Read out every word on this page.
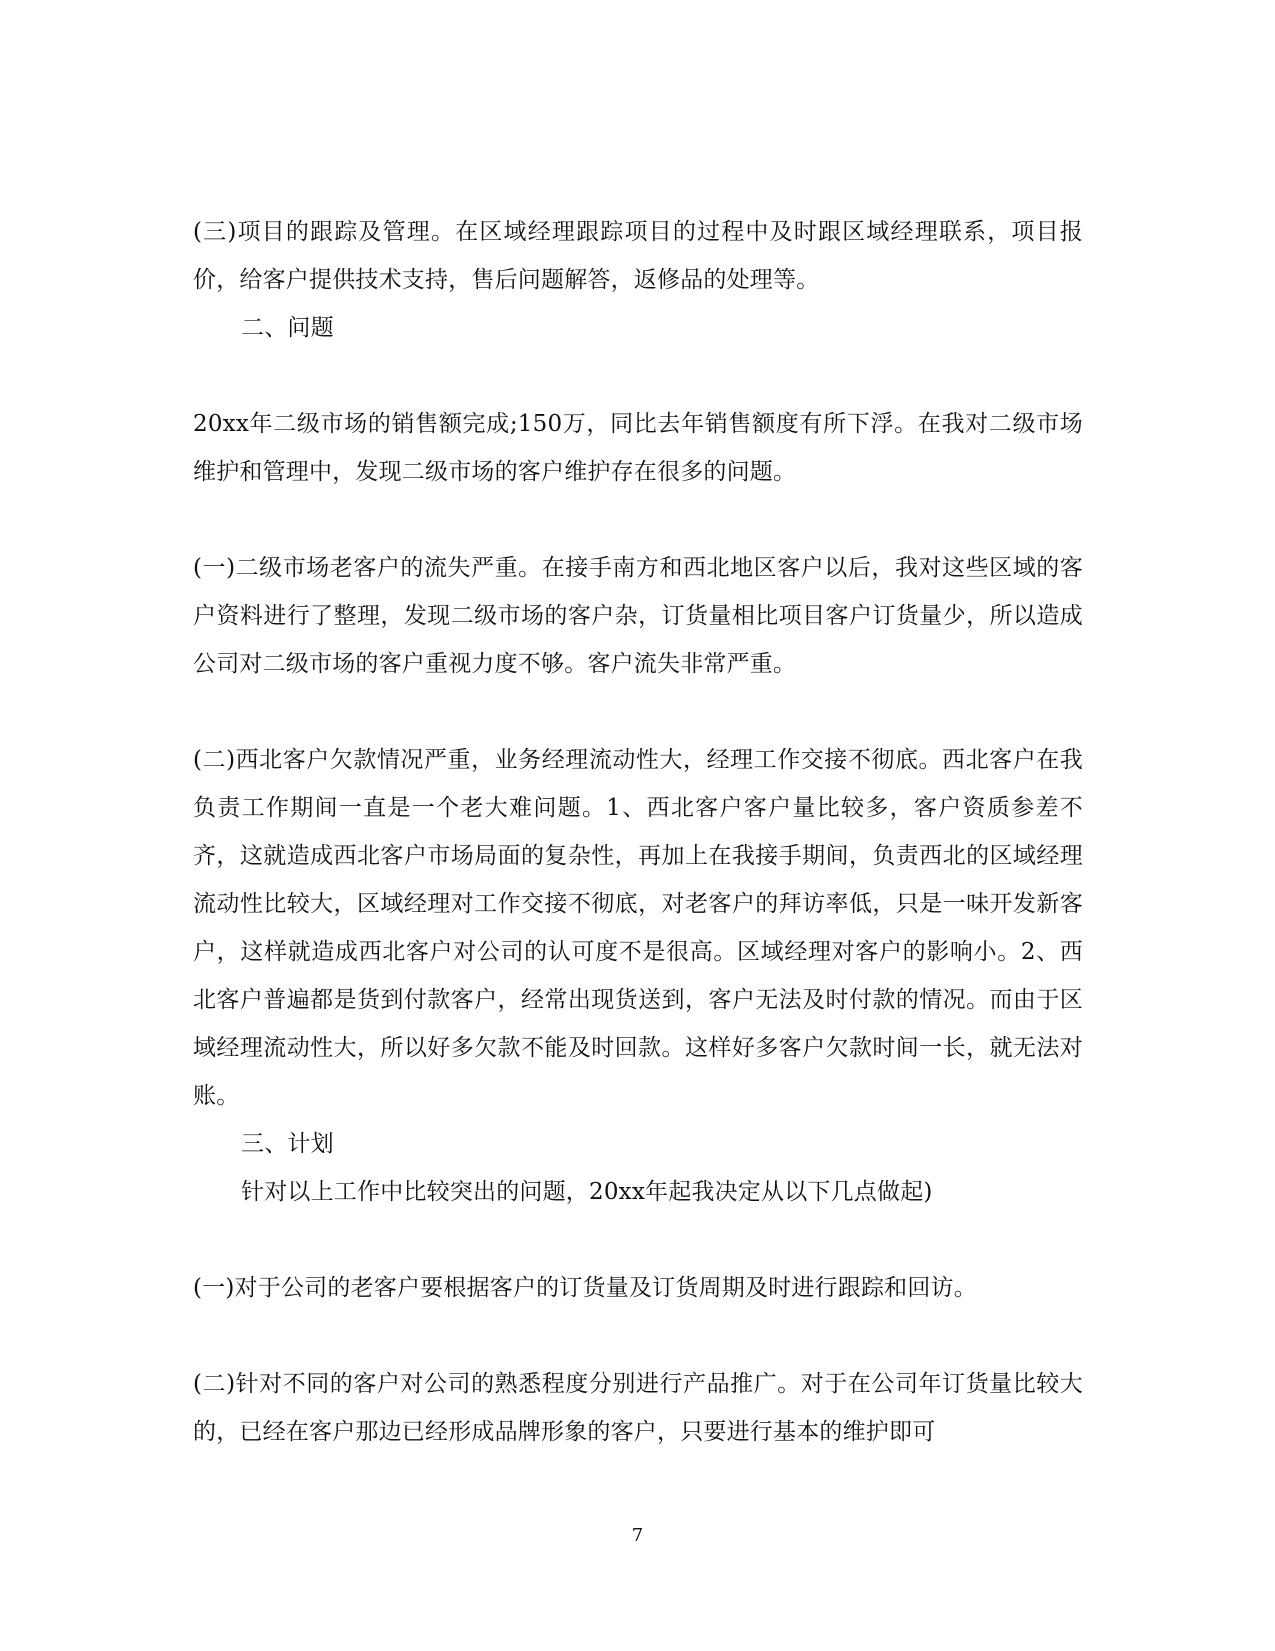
(三)项目的跟踪及管理。在区域经理跟踪项目的过程中及时跟区域经理联系，项目报价，给客户提供技术支持，售后问题解答，返修品的处理等。

二、问题

20xx年二级市场的销售额完成;150万，同比去年销售额度有所下浮。在我对二级市场维护和管理中，发现二级市场的客户维护存在很多的问题。

(一)二级市场老客户的流失严重。在接手南方和西北地区客户以后，我对这些区域的客户资料进行了整理，发现二级市场的客户杂，订货量相比项目客户订货量少，所以造成公司对二级市场的客户重视力度不够。客户流失非常严重。

(二)西北客户欠款情况严重，业务经理流动性大，经理工作交接不彻底。西北客户在我负责工作期间一直是一个老大难问题。1、西北客户客户量比较多，客户资质参差不齐，这就造成西北客户市场局面的复杂性，再加上在我接手期间，负责西北的区域经理流动性比较大，区域经理对工作交接不彻底，对老客户的拜访率低，只是一味开发新客户，这样就造成西北客户对公司的认可度不是很高。区域经理对客户的影响小。2、西北客户普遍都是货到付款客户，经常出现货送到，客户无法及时付款的情况。而由于区域经理流动性大，所以好多欠款不能及时回款。这样好多客户欠款时间一长，就无法对账。

三、计划

针对以上工作中比较突出的问题，20xx年起我决定从以下几点做起)

(一)对于公司的老客户要根据客户的订货量及订货周期及时进行跟踪和回访。

(二)针对不同的客户对公司的熟悉程度分别进行产品推广。对于在公司年订货量比较大的，已经在客户那边已经形成品牌形象的客户，只要进行基本的维护即可

7
